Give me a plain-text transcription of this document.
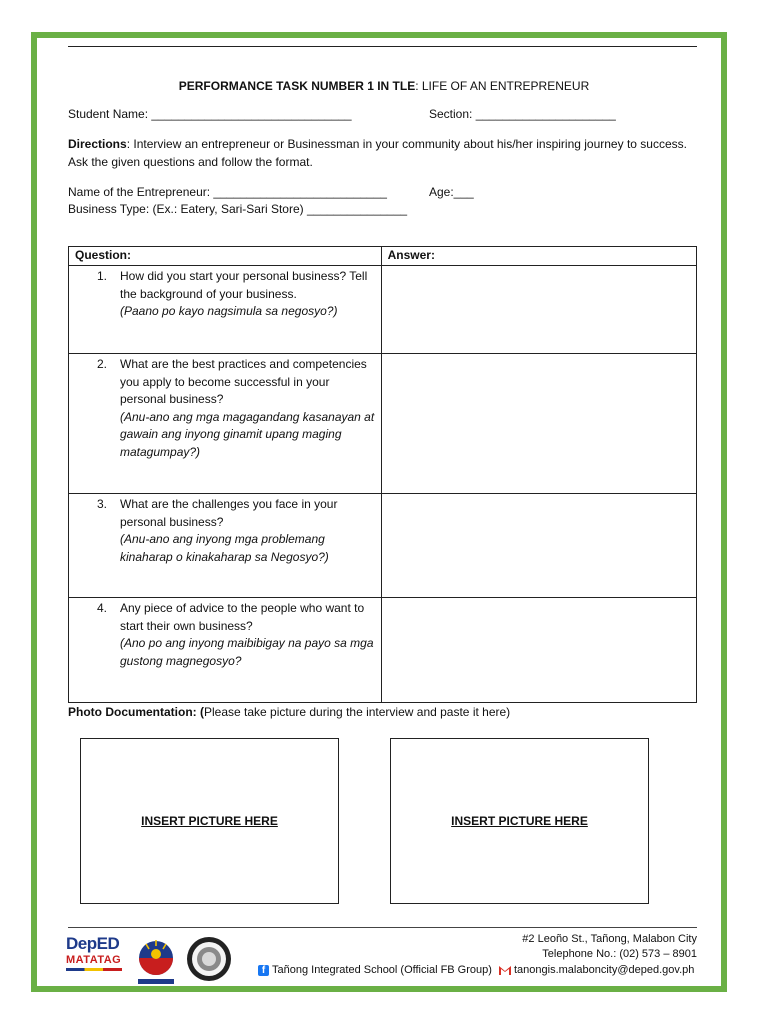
PERFORMANCE TASK NUMBER 1 IN TLE: LIFE OF AN ENTREPRENEUR
Student Name: ______________________________	Section: _____________________
Directions: Interview an entrepreneur or Businessman in your community about his/her inspiring journey to success. Ask the given questions and follow the format.
Name of the Entrepreneur: __________________________	Age:___
Business Type: (Ex.: Eatery, Sari-Sari Store) _______________
Question:	Answer:

1. How did you start your personal business? Tell the background of your business.
(Paano po kayo nagsimula sa negosyo?)	

2. What are the best practices and competencies you apply to become successful in your personal business?
(Anu-ano ang mga magagandang kasanayan at gawain ang inyong ginamit upang maging matagumpay?)	

3. What are the challenges you face in your personal business?
(Anu-ano ang inyong mga problemang kinaharap o kinakaharap sa Negosyo?)	

4. Any piece of advice to the people who want to start their own business?
(Ano po ang inyong maibibigay na payo sa mga gustong magnegosyo?	

Photo Documentation: (Please take picture during the interview and paste it here)
INSERT PICTURE HERE	INSERT PICTURE HERE
DepED
MATATAG
#2 Leoño St., Tañong, Malabon City
Telephone No.: (02) 573 – 8901
f Tañong Integrated School (Official FB Group) tanongis.malaboncity@deped.gov.ph
